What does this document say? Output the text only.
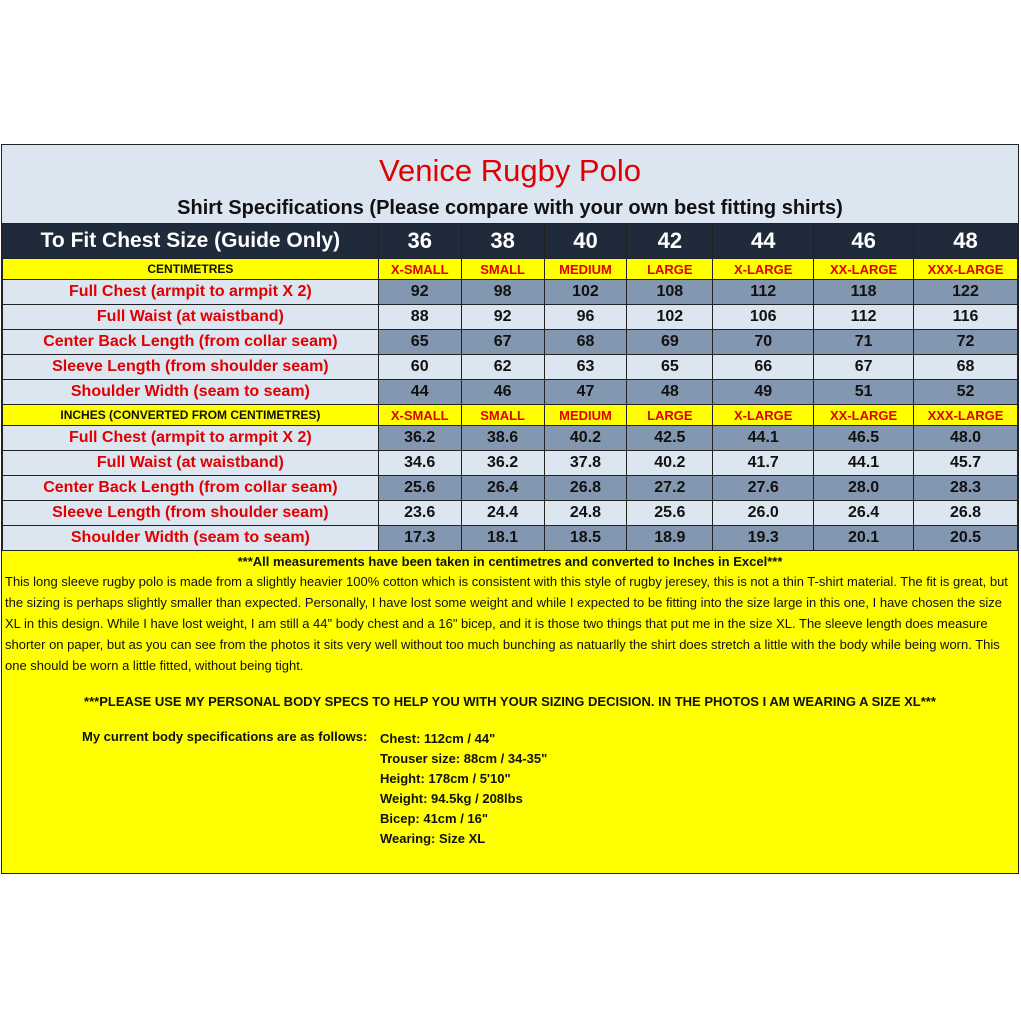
Venice Rugby Polo
Shirt Specifications (Please compare with your own best fitting shirts)
To Fit Chest Size (Guide Only)	36	38	40	42	44	46	48
CENTIMETRES	X-SMALL	SMALL	MEDIUM	LARGE	X-LARGE	XX-LARGE	XXX-LARGE
Full Chest (armpit to armpit X 2)	92	98	102	108	112	118	122
Full Waist (at waistband)	88	92	96	102	106	112	116
Center Back Length (from collar seam)	65	67	68	69	70	71	72
Sleeve Length (from shoulder seam)	60	62	63	65	66	67	68
Shoulder Width (seam to seam)	44	46	47	48	49	51	52
INCHES (CONVERTED FROM CENTIMETRES)	X-SMALL	SMALL	MEDIUM	LARGE	X-LARGE	XX-LARGE	XXX-LARGE
Full Chest (armpit to armpit X 2)	36.2	38.6	40.2	42.5	44.1	46.5	48.0
Full Waist (at waistband)	34.6	36.2	37.8	40.2	41.7	44.1	45.7
Center Back Length (from collar seam)	25.6	26.4	26.8	27.2	27.6	28.0	28.3
Sleeve Length (from shoulder seam)	23.6	24.4	24.8	25.6	26.0	26.4	26.8
Shoulder Width (seam to seam)	17.3	18.1	18.5	18.9	19.3	20.1	20.5
***All measurements have been taken in centimetres and converted to Inches in Excel***
This long sleeve rugby polo is made from a slightly heavier 100% cotton which is consistent with this style of rugby jeresey, this is not a thin T-shirt material. The fit is great, but the sizing is perhaps slightly smaller than expected. Personally, I have lost some weight and while I expected to be fitting into the size large in this one, I have chosen the size XL in this design. While I have lost weight, I am still a 44" body chest and a 16" bicep, and it is those two things that put me in the size XL. The sleeve length does measure shorter on paper, but as you can see from the photos it sits very well without too much bunching as natuarlly the shirt does stretch a little with the body while being worn. This one should be worn a little fitted, without being tight.
***PLEASE USE MY PERSONAL BODY SPECS TO HELP YOU WITH YOUR SIZING DECISION. IN THE PHOTOS I AM WEARING A SIZE XL***
My current body specifications are as follows: Chest: 112cm / 44"
Trouser size: 88cm / 34-35"
Height: 178cm / 5'10"
Weight: 94.5kg / 208lbs
Bicep: 41cm / 16"
Wearing: Size XL
